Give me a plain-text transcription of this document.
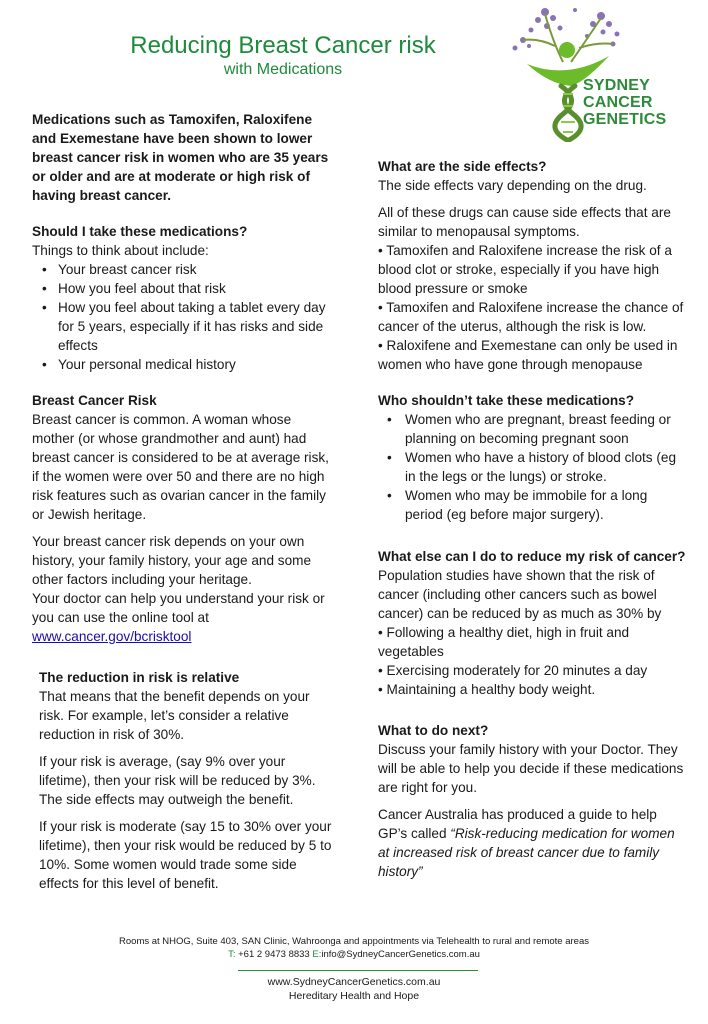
Reducing Breast Cancer risk
with Medications
SYDNEY
CANCER
GENETICS

Medications such as Tamoxifen, Raloxifene and Exemestane have been shown to lower breast cancer risk in women who are 35 years or older and are at moderate or high risk of having breast cancer.

Should I take these medications?

Things to think about include:

• Your breast cancer risk
• How you feel about that risk
• How you feel about taking a tablet every day for 5 years, especially if it has risks and side effects
• Your personal medical history

Breast Cancer Risk

Breast cancer is common. A woman whose mother (or whose grandmother and aunt) had breast cancer is considered to be at average risk, if the women were over 50 and there are no high risk features such as ovarian cancer in the family or Jewish heritage.

Your breast cancer risk depends on your own history, your family history, your age and some other factors including your heritage.

Your doctor can help you understand your risk or you can use the online tool at

www.cancer.gov/bcrisktool

The reduction in risk is relative

That means that the benefit depends on your risk. For example, let’s consider a relative reduction in risk of 30%.

If your risk is average, (say 9% over your lifetime), then your risk will be reduced by 3%. The side effects may outweigh the benefit.

If your risk is moderate (say 15 to 30% over your lifetime), then your risk would be reduced by 5 to 10%. Some women would trade some side effects for this level of benefit.

What are the side effects?

The side effects vary depending on the drug.

All of these drugs can cause side effects that are similar to menopausal symptoms.

• Tamoxifen and Raloxifene increase the risk of a blood clot or stroke, especially if you have high blood pressure or smoke
• Tamoxifen and Raloxifene increase the chance of cancer of the uterus, although the risk is low.
• Raloxifene and Exemestane can only be used in women who have gone through menopause

Who shouldn’t take these medications?

• Women who are pregnant, breast feeding or planning on becoming pregnant soon
• Women who have a history of blood clots (eg in the legs or the lungs) or stroke.
• Women who may be immobile for a long period (eg before major surgery).

What else can I do to reduce my risk of cancer?

Population studies have shown that the risk of cancer (including other cancers such as bowel cancer) can be reduced by as much as 30% by

• Following a healthy diet, high in fruit and vegetables
• Exercising moderately for 20 minutes a day
• Maintaining a healthy body weight.

What to do next?

Discuss your family history with your Doctor. They will be able to help you decide if these medications are right for you.

Cancer Australia has produced a guide to help GP’s called “Risk-reducing medication for women at increased risk of breast cancer due to family history”

Rooms at NHOG, Suite 403, SAN Clinic, Wahroonga and appointments via Telehealth to rural and remote areas
T: +61 2 9473 8833 E:info@SydneyCancerGenetics.com.au
www.SydneyCancerGenetics.com.au
Hereditary Health and Hope
